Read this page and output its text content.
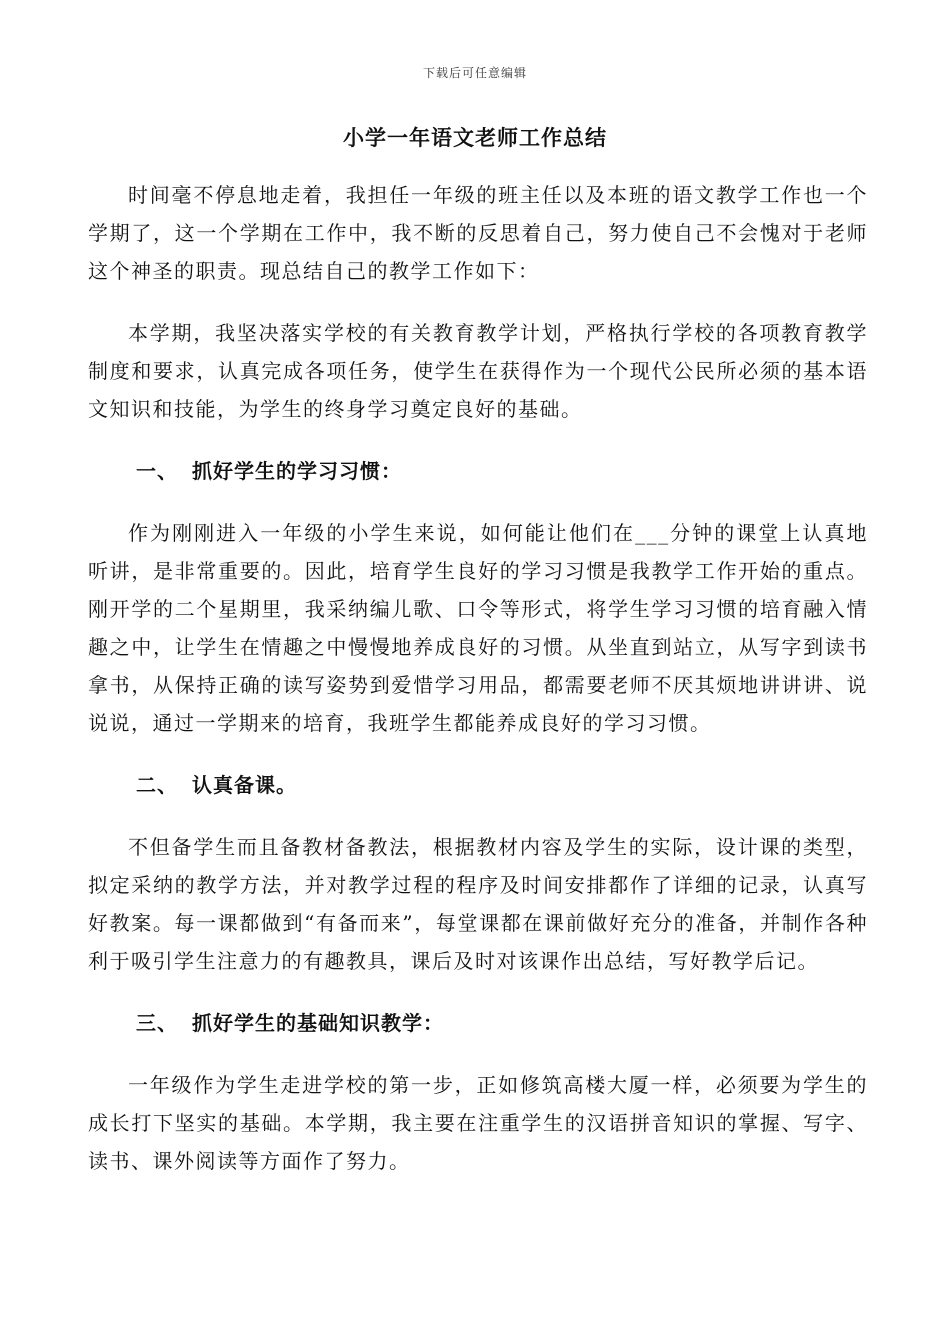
下载后可任意编辑
小学一年语文老师工作总结

时间毫不停息地走着，我担任一年级的班主任以及本班的语文教学工作也一个学期了，这一个学期在工作中，我不断的反思着自己，努力使自己不会愧对于老师这个神圣的职责。现总结自己的教学工作如下：

本学期，我坚决落实学校的有关教育教学计划，严格执行学校的各项教育教学制度和要求，认真完成各项任务，使学生在获得作为一个现代公民所必须的基本语文知识和技能，为学生的终身学习奠定良好的基础。

一、 抓好学生的学习习惯：

作为刚刚进入一年级的小学生来说，如何能让他们在___分钟的课堂上认真地听讲，是非常重要的。因此，培育学生良好的学习习惯是我教学工作开始的重点。刚开学的二个星期里，我采纳编儿歌、口令等形式，将学生学习习惯的培育融入情趣之中，让学生在情趣之中慢慢地养成良好的习惯。从坐直到站立，从写字到读书拿书，从保持正确的读写姿势到爱惜学习用品，都需要老师不厌其烦地讲讲讲、说说说，通过一学期来的培育，我班学生都能养成良好的学习习惯。

二、 认真备课。

不但备学生而且备教材备教法，根据教材内容及学生的实际，设计课的类型，拟定采纳的教学方法，并对教学过程的程序及时间安排都作了详细的记录，认真写好教案。每一课都做到“有备而来”，每堂课都在课前做好充分的准备，并制作各种利于吸引学生注意力的有趣教具，课后及时对该课作出总结，写好教学后记。

三、 抓好学生的基础知识教学：

一年级作为学生走进学校的第一步，正如修筑高楼大厦一样，必须要为学生的成长打下坚实的基础。本学期，我主要在注重学生的汉语拼音知识的掌握、写字、读书、课外阅读等方面作了努力。
